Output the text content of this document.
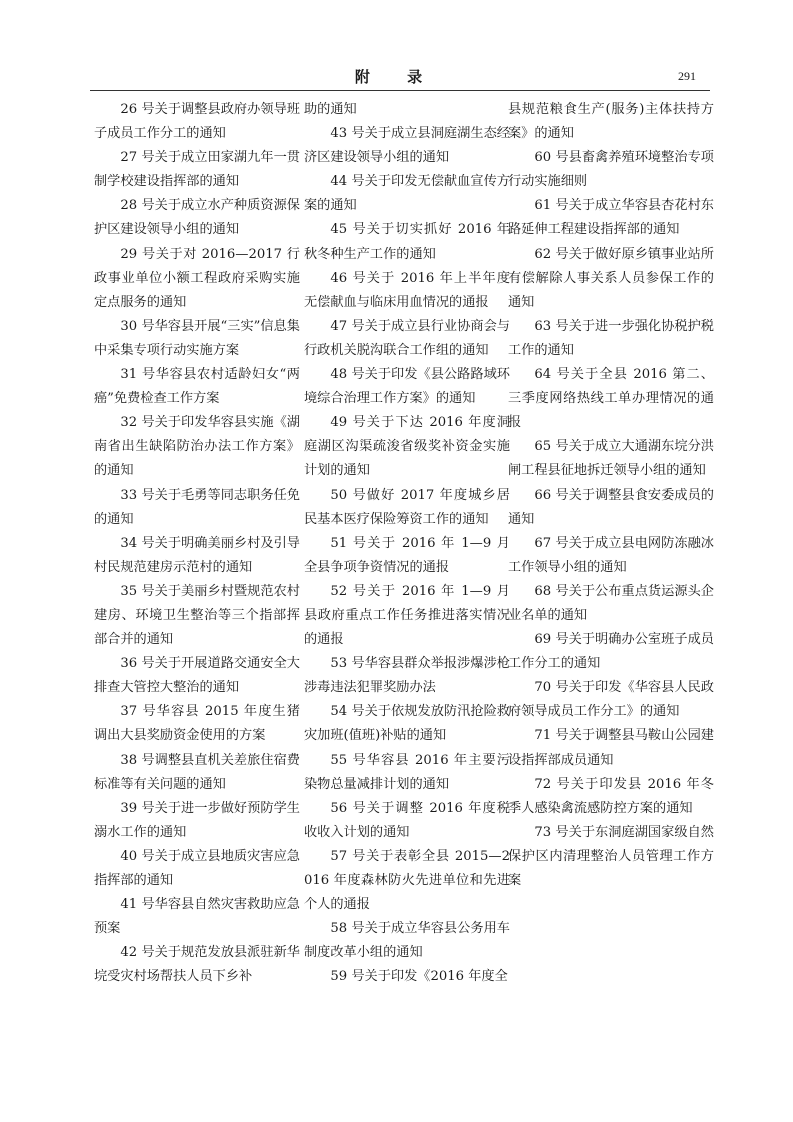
附 录	291

26 号关于调整县政府办领导班子成员工作分工的通知

27 号关于成立田家湖九年一贯制学校建设指挥部的通知

28 号关于成立水产种质资源保护区建设领导小组的通知

29 号关于对 2016—2017 行政事业单位小额工程政府采购实施定点服务的通知

30 号华容县开展“三实”信息集中采集专项行动实施方案

31 号华容县农村适龄妇女“两癌”免费检查工作方案

32 号关于印发华容县实施《湖南省出生缺陷防治办法工作方案》的通知

33 号关于毛勇等同志职务任免的通知

34 号关于明确美丽乡村及引导村民规范建房示范村的通知

35 号关于美丽乡村暨规范农村建房、环境卫生整治等三个指部挥部合并的通知

36 号关于开展道路交通安全大排查大管控大整治的通知

37 号华容县 2015 年度生猪调出大县奖励资金使用的方案

38 号调整县直机关差旅住宿费标准等有关问题的通知

39 号关于进一步做好预防学生溺水工作的通知

40 号关于成立县地质灾害应急指挥部的通知

41 号华容县自然灾害救助应急预案

42 号关于规范发放县派驻新华垸受灾村场帮扶人员下乡补

助的通知

43 号关于成立县洞庭湖生态经济区建设领导小组的通知

44 号关于印发无偿献血宣传方案的通知

45 号关于切实抓好 2016 年秋冬种生产工作的通知

46 号关于 2016 年上半年度无偿献血与临床用血情况的通报

47 号关于成立县行业协商会与行政机关脱沟联合工作组的通知

48 号关于印发《县公路路域环境综合治理工作方案》的通知

49 号关于下达 2016 年度洞庭湖区沟渠疏浚省级奖补资金实施计划的通知

50 号做好 2017 年度城乡居民基本医疗保险筹资工作的通知

51 号关于 2016 年 1—9 月全县争项争资情况的通报

52 号关于 2016 年 1—9 月县政府重点工作任务推进落实情况的通报

53 号华容县群众举报涉爆涉枪涉毒违法犯罪奖励办法

54 号关于依规发放防汛抢险救灾加班(值班)补贴的通知

55 号华容县 2016 年主要污染物总量减排计划的通知

56 号关于调整 2016 年度税收收入计划的通知

57 号关于表彰全县 2015—2016 年度森林防火先进单位和先进个人的通报

58 号关于成立华容县公务用车制度改革小组的通知

59 号关于印发《2016 年度全

县规范粮食生产(服务)主体扶持方案》的通知

60 号县畜禽养殖环境整治专项行动实施细则

61 号关于成立华容县杏花村东路延伸工程建设指挥部的通知

62 号关于做好原乡镇事业站所有偿解除人事关系人员参保工作的通知

63 号关于进一步强化协税护税工作的通知

64 号关于全县 2016 第二、三季度网络热线工单办理情况的通报

65 号关于成立大通湖东垸分洪闸工程县征地拆迁领导小组的通知

66 号关于调整县食安委成员的通知

67 号关于成立县电网防冻融冰工作领导小组的通知

68 号关于公布重点货运源头企业名单的通知

69 号关于明确办公室班子成员工作分工的通知

70 号关于印发《华容县人民政府领导成员工作分工》的通知

71 号关于调整县马鞍山公园建设指挥部成员通知

72 号关于印发县 2016 年冬季人感染禽流感防控方案的通知

73 号关于东洞庭湖国家级自然保护区内清理整治人员管理工作方案
